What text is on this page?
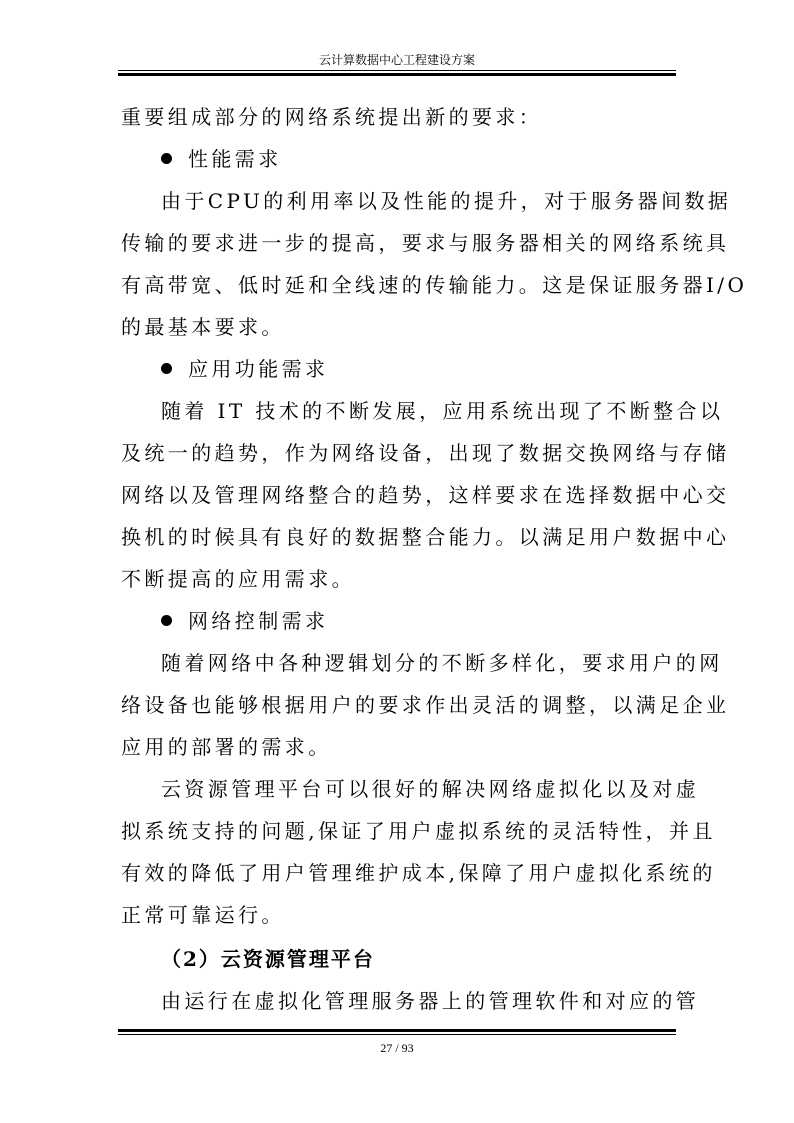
云计算数据中心工程建设方案
重要组成部分的网络系统提出新的要求：
性能需求
由于CPU的利用率以及性能的提升，对于服务器间数据
传输的要求进一步的提高，要求与服务器相关的网络系统具
有高带宽、低时延和全线速的传输能力。这是保证服务器I/O
的最基本要求。
应用功能需求
随着 IT 技术的不断发展，应用系统出现了不断整合以
及统一的趋势，作为网络设备，出现了数据交换网络与存储
网络以及管理网络整合的趋势，这样要求在选择数据中心交
换机的时候具有良好的数据整合能力。以满足用户数据中心
不断提高的应用需求。
网络控制需求
随着网络中各种逻辑划分的不断多样化，要求用户的网
络设备也能够根据用户的要求作出灵活的调整，以满足企业
应用的部署的需求。
云资源管理平台可以很好的解决网络虚拟化以及对虚
拟系统支持的问题,保证了用户虚拟系统的灵活特性，并且
有效的降低了用户管理维护成本,保障了用户虚拟化系统的
正常可靠运行。
（2）云资源管理平台
由运行在虚拟化管理服务器上的管理软件和对应的管
27 / 93
